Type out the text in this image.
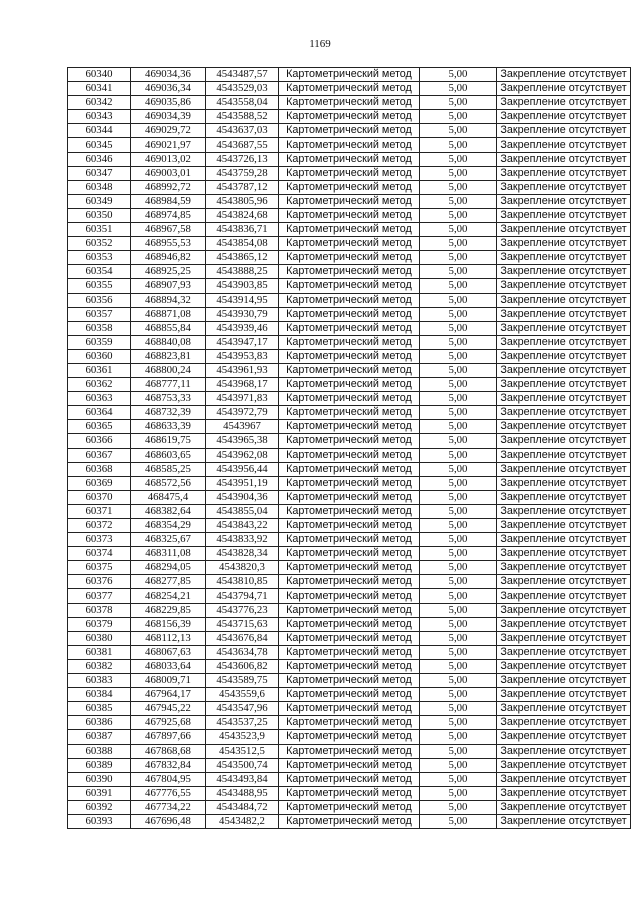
1169
60340	469034,36	4543487,57	Картометрический метод	5,00	Закрепление отсутствует
60341	469036,34	4543529,03	Картометрический метод	5,00	Закрепление отсутствует
60342	469035,86	4543558,04	Картометрический метод	5,00	Закрепление отсутствует
60343	469034,39	4543588,52	Картометрический метод	5,00	Закрепление отсутствует
60344	469029,72	4543637,03	Картометрический метод	5,00	Закрепление отсутствует
60345	469021,97	4543687,55	Картометрический метод	5,00	Закрепление отсутствует
60346	469013,02	4543726,13	Картометрический метод	5,00	Закрепление отсутствует
60347	469003,01	4543759,28	Картометрический метод	5,00	Закрепление отсутствует
60348	468992,72	4543787,12	Картометрический метод	5,00	Закрепление отсутствует
60349	468984,59	4543805,96	Картометрический метод	5,00	Закрепление отсутствует
60350	468974,85	4543824,68	Картометрический метод	5,00	Закрепление отсутствует
60351	468967,58	4543836,71	Картометрический метод	5,00	Закрепление отсутствует
60352	468955,53	4543854,08	Картометрический метод	5,00	Закрепление отсутствует
60353	468946,82	4543865,12	Картометрический метод	5,00	Закрепление отсутствует
60354	468925,25	4543888,25	Картометрический метод	5,00	Закрепление отсутствует
60355	468907,93	4543903,85	Картометрический метод	5,00	Закрепление отсутствует
60356	468894,32	4543914,95	Картометрический метод	5,00	Закрепление отсутствует
60357	468871,08	4543930,79	Картометрический метод	5,00	Закрепление отсутствует
60358	468855,84	4543939,46	Картометрический метод	5,00	Закрепление отсутствует
60359	468840,08	4543947,17	Картометрический метод	5,00	Закрепление отсутствует
60360	468823,81	4543953,83	Картометрический метод	5,00	Закрепление отсутствует
60361	468800,24	4543961,93	Картометрический метод	5,00	Закрепление отсутствует
60362	468777,11	4543968,17	Картометрический метод	5,00	Закрепление отсутствует
60363	468753,33	4543971,83	Картометрический метод	5,00	Закрепление отсутствует
60364	468732,39	4543972,79	Картометрический метод	5,00	Закрепление отсутствует
60365	468633,39	4543967	Картометрический метод	5,00	Закрепление отсутствует
60366	468619,75	4543965,38	Картометрический метод	5,00	Закрепление отсутствует
60367	468603,65	4543962,08	Картометрический метод	5,00	Закрепление отсутствует
60368	468585,25	4543956,44	Картометрический метод	5,00	Закрепление отсутствует
60369	468572,56	4543951,19	Картометрический метод	5,00	Закрепление отсутствует
60370	468475,4	4543904,36	Картометрический метод	5,00	Закрепление отсутствует
60371	468382,64	4543855,04	Картометрический метод	5,00	Закрепление отсутствует
60372	468354,29	4543843,22	Картометрический метод	5,00	Закрепление отсутствует
60373	468325,67	4543833,92	Картометрический метод	5,00	Закрепление отсутствует
60374	468311,08	4543828,34	Картометрический метод	5,00	Закрепление отсутствует
60375	468294,05	4543820,3	Картометрический метод	5,00	Закрепление отсутствует
60376	468277,85	4543810,85	Картометрический метод	5,00	Закрепление отсутствует
60377	468254,21	4543794,71	Картометрический метод	5,00	Закрепление отсутствует
60378	468229,85	4543776,23	Картометрический метод	5,00	Закрепление отсутствует
60379	468156,39	4543715,63	Картометрический метод	5,00	Закрепление отсутствует
60380	468112,13	4543676,84	Картометрический метод	5,00	Закрепление отсутствует
60381	468067,63	4543634,78	Картометрический метод	5,00	Закрепление отсутствует
60382	468033,64	4543606,82	Картометрический метод	5,00	Закрепление отсутствует
60383	468009,71	4543589,75	Картометрический метод	5,00	Закрепление отсутствует
60384	467964,17	4543559,6	Картометрический метод	5,00	Закрепление отсутствует
60385	467945,22	4543547,96	Картометрический метод	5,00	Закрепление отсутствует
60386	467925,68	4543537,25	Картометрический метод	5,00	Закрепление отсутствует
60387	467897,66	4543523,9	Картометрический метод	5,00	Закрепление отсутствует
60388	467868,68	4543512,5	Картометрический метод	5,00	Закрепление отсутствует
60389	467832,84	4543500,74	Картометрический метод	5,00	Закрепление отсутствует
60390	467804,95	4543493,84	Картометрический метод	5,00	Закрепление отсутствует
60391	467776,55	4543488,95	Картометрический метод	5,00	Закрепление отсутствует
60392	467734,22	4543484,72	Картометрический метод	5,00	Закрепление отсутствует
60393	467696,48	4543482,2	Картометрический метод	5,00	Закрепление отсутствует
